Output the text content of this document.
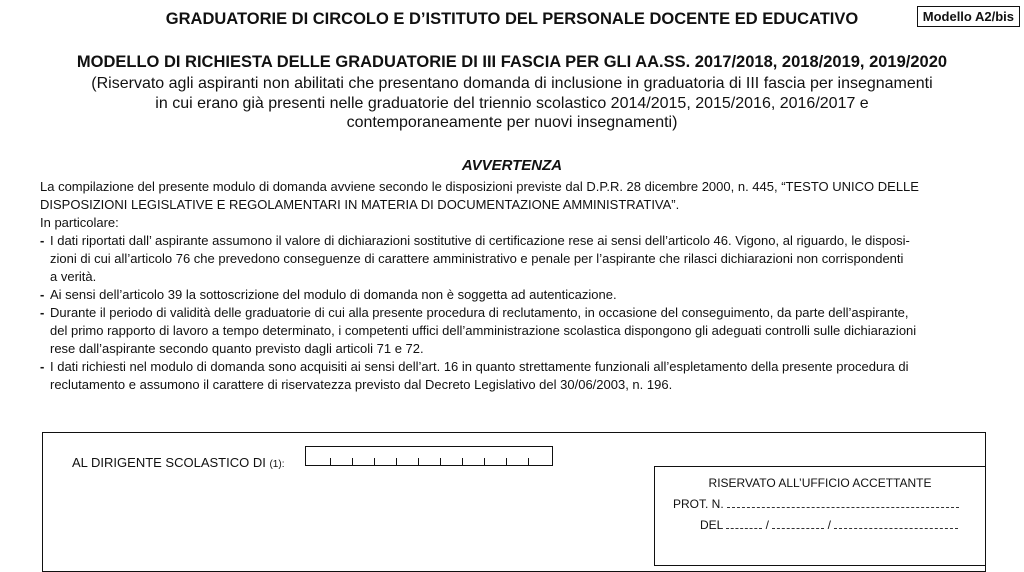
GRADUATORIE DI CIRCOLO E D’ISTITUTO DEL PERSONALE DOCENTE ED EDUCATIVO	Modello A2/bis
MODELLO DI RICHIESTA DELLE GRADUATORIE DI III FASCIA PER GLI AA.SS. 2017/2018, 2018/2019, 2019/2020
(Riservato agli aspiranti non abilitati che presentano domanda di inclusione in graduatoria di III fascia per insegnamenti
in cui erano già presenti nelle graduatorie del triennio scolastico 2014/2015, 2015/2016, 2016/2017 e
contemporaneamente per nuovi insegnamenti)
AVVERTENZA
La compilazione del presente modulo di domanda avviene secondo le disposizioni previste dal D.P.R. 28 dicembre 2000, n. 445, “TESTO UNICO DELLE
DISPOSIZIONI LEGISLATIVE E REGOLAMENTARI IN MATERIA DI DOCUMENTAZIONE AMMINISTRATIVA”.
In particolare:
- I dati riportati dall’ aspirante assumono il valore di dichiarazioni sostitutive di certificazione rese ai sensi dell’articolo 46. Vigono, al riguardo, le disposi-
zioni di cui all’articolo 76 che prevedono conseguenze di carattere amministrativo e penale per l’aspirante che rilasci dichiarazioni non corrispondenti
a verità.
- Ai sensi dell’articolo 39 la sottoscrizione del modulo di domanda non è soggetta ad autenticazione.
- Durante il periodo di validità delle graduatorie di cui alla presente procedura di reclutamento, in occasione del conseguimento, da parte dell’aspirante,
del primo rapporto di lavoro a tempo determinato, i competenti uffici dell’amministrazione scolastica dispongono gli adeguati controlli sulle dichiarazioni
rese dall’aspirante secondo quanto previsto dagli articoli 71 e 72.
- I dati richiesti nel modulo di domanda sono acquisiti ai sensi dell’art. 16 in quanto strettamente funzionali all’espletamento della presente procedura di
reclutamento e assumono il carattere di riservatezza previsto dal Decreto Legislativo del 30/06/2003, n. 196.
AL DIRIGENTE SCOLASTICO DI (1):
RISERVATO ALL’UFFICIO ACCETTANTE
PROT. N.
DEL	/	/
